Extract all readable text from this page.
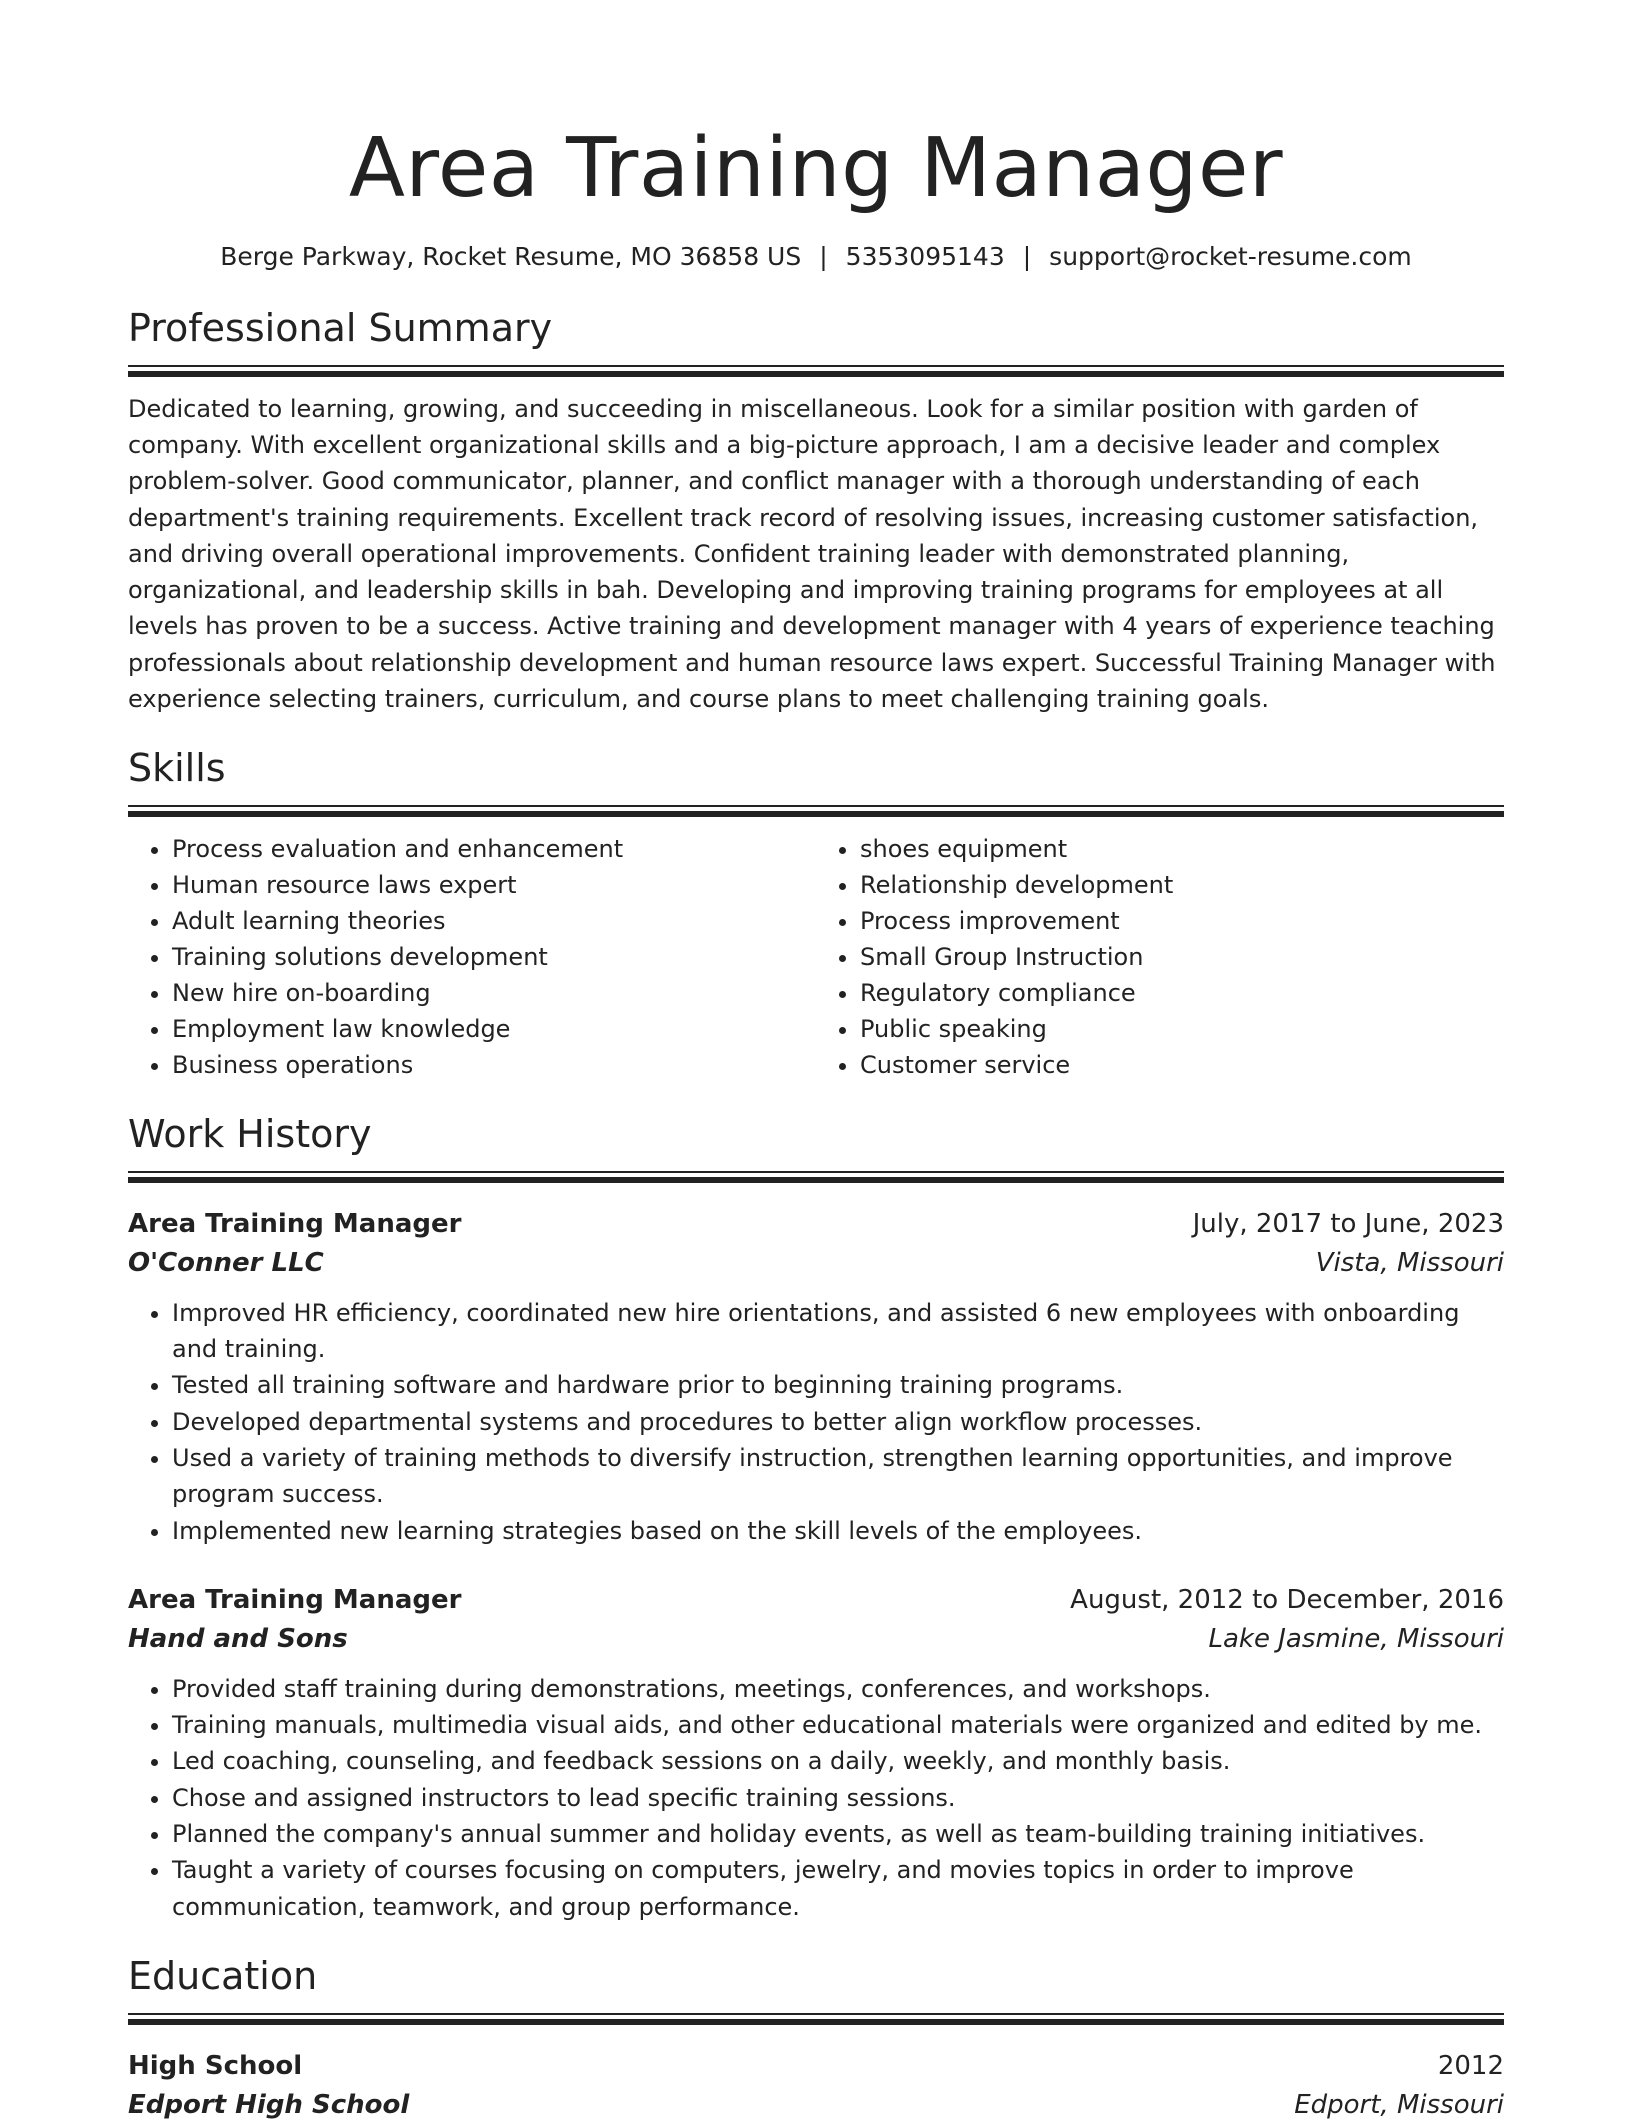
Area Training Manager
Berge Parkway, Rocket Resume, MO 36858 US | 5353095143 | support@rocket-resume.com
Professional Summary

Dedicated to learning, growing, and succeeding in miscellaneous. Look for a similar position with garden of company. With excellent organizational skills and a big-picture approach, I am a decisive leader and complex problem-solver. Good communicator, planner, and conflict manager with a thorough understanding of each department's training requirements. Excellent track record of resolving issues, increasing customer satisfaction, and driving overall operational improvements. Confident training leader with demonstrated planning, organizational, and leadership skills in bah. Developing and improving training programs for employees at all levels has proven to be a success. Active training and development manager with 4 years of experience teaching professionals about relationship development and human resource laws expert. Successful Training Manager with experience selecting trainers, curriculum, and course plans to meet challenging training goals.

Skills
• Process evaluation and enhancement
• Human resource laws expert
• Adult learning theories
• Training solutions development
• New hire on-boarding
• Employment law knowledge
• Business operations
• shoes equipment
• Relationship development
• Process improvement
• Small Group Instruction
• Regulatory compliance
• Public speaking
• Customer service
Work History
Area Training Manager	July, 2017 to June, 2023
O'Conner LLC	Vista, Missouri
• Improved HR efficiency, coordinated new hire orientations, and assisted 6 new employees with onboarding and training.
• Tested all training software and hardware prior to beginning training programs.
• Developed departmental systems and procedures to better align workflow processes.
• Used a variety of training methods to diversify instruction, strengthen learning opportunities, and improve program success.
• Implemented new learning strategies based on the skill levels of the employees.
Area Training Manager	August, 2012 to December, 2016
Hand and Sons	Lake Jasmine, Missouri
• Provided staff training during demonstrations, meetings, conferences, and workshops.
• Training manuals, multimedia visual aids, and other educational materials were organized and edited by me.
• Led coaching, counseling, and feedback sessions on a daily, weekly, and monthly basis.
• Chose and assigned instructors to lead specific training sessions.
• Planned the company's annual summer and holiday events, as well as team-building training initiatives.
• Taught a variety of courses focusing on computers, jewelry, and movies topics in order to improve communication, teamwork, and group performance.
Education
High School	2012
Edport High School	Edport, Missouri
